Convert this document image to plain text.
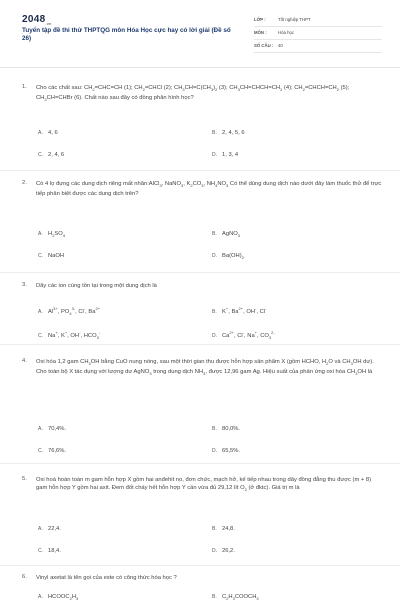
$2048_{.vn}$
Tuyển tập đề thi thử THPTQG môn Hóa Học cực hay có lời giải (Đề số 26)
LỚP :	Tốt nghiệp THPT
MÔN :	Hóa học
SỐ CÂU : 40
1. Cho các chất sau: $CH_2=CHC=CH$ (1); $CH_2=CHCl$ (2); $CH_3CH=C(CH_3)_2$ (3); $CH_3CH=CHCH=CH_2$ (4); $CH_2=CHCH=CH_2$ (5); $CH_3CH=CHBr$ (6). Chất nào sau đây có đồng phân hình học?
A. 4, 6	B. 2, 4, 5, 6
C. 2, 4, 6	D. 1, 3, 4
2. Có 4 lọ đựng các dung dịch riêng mất nhãn:AlCl$_3$, NaNO$_3$, $K_2CO_3$, $NH_4NO_3$ Có thể dùng dung dịch nào dưới đây làm thuốc thử để trực tiếp phân biệt được các dung dịch trên?
A. $H_2SO_4$	B. AgNO$_3$
C. NaOH	D. $Ba(OH)_2$
3. Dãy các ion cùng tồn tại trong một dung dịch là
A. $Al^{3+}$, $PO_4^{3-}$, Cl-, $Ba^{2+}$
B. K+, $Ba^{2+}$, OH-, Cl-
C. Na+, K+, OH-, $HCO_3^-$
D. $Ca^{2+}$, Cl-, Na+, $CO_3^{2-}$
4. Oxi hóa 1,2 gam $CH_3OH$ bằng CuO nung nóng, sau một thời gian thu được hỗn hợp sản phẩm X (gồm HCHO, $H_2O$ và $CH_3OH$ dư). Cho toàn bộ X tác dụng với lượng dư AgNO$_3$ trong dung dịch $NH_3$, được 12,96 gam Ag. Hiệu suất của phản ứng oxi hóa $CH_3OH$ là
A. 70,4%.	B. 80,0%.
C. 76,6%.	D. 65,5%.
5. Oxi hoá hoàn toàn m gam hỗn hợp X gồm hai anđehit no, đơn chức, mạch hở, kế tiếp nhau trong dãy đồng đẳng thu được (m + 8) gam hỗn hợp Y gồm hai axit. Đem đốt cháy hết hỗn hợp Y cần vừa đủ 29,12 lít $O_2$ (ở đktc). Giá trị m là
A. 22,4.	B. 24,8.
C. 18,4.	D. 26,2.
6. Vinyl axetat là tên gọi của este có công thức hóa học ?
A. $HCOOC_2H_3$	B. $C_2H_3COOCH_3$
